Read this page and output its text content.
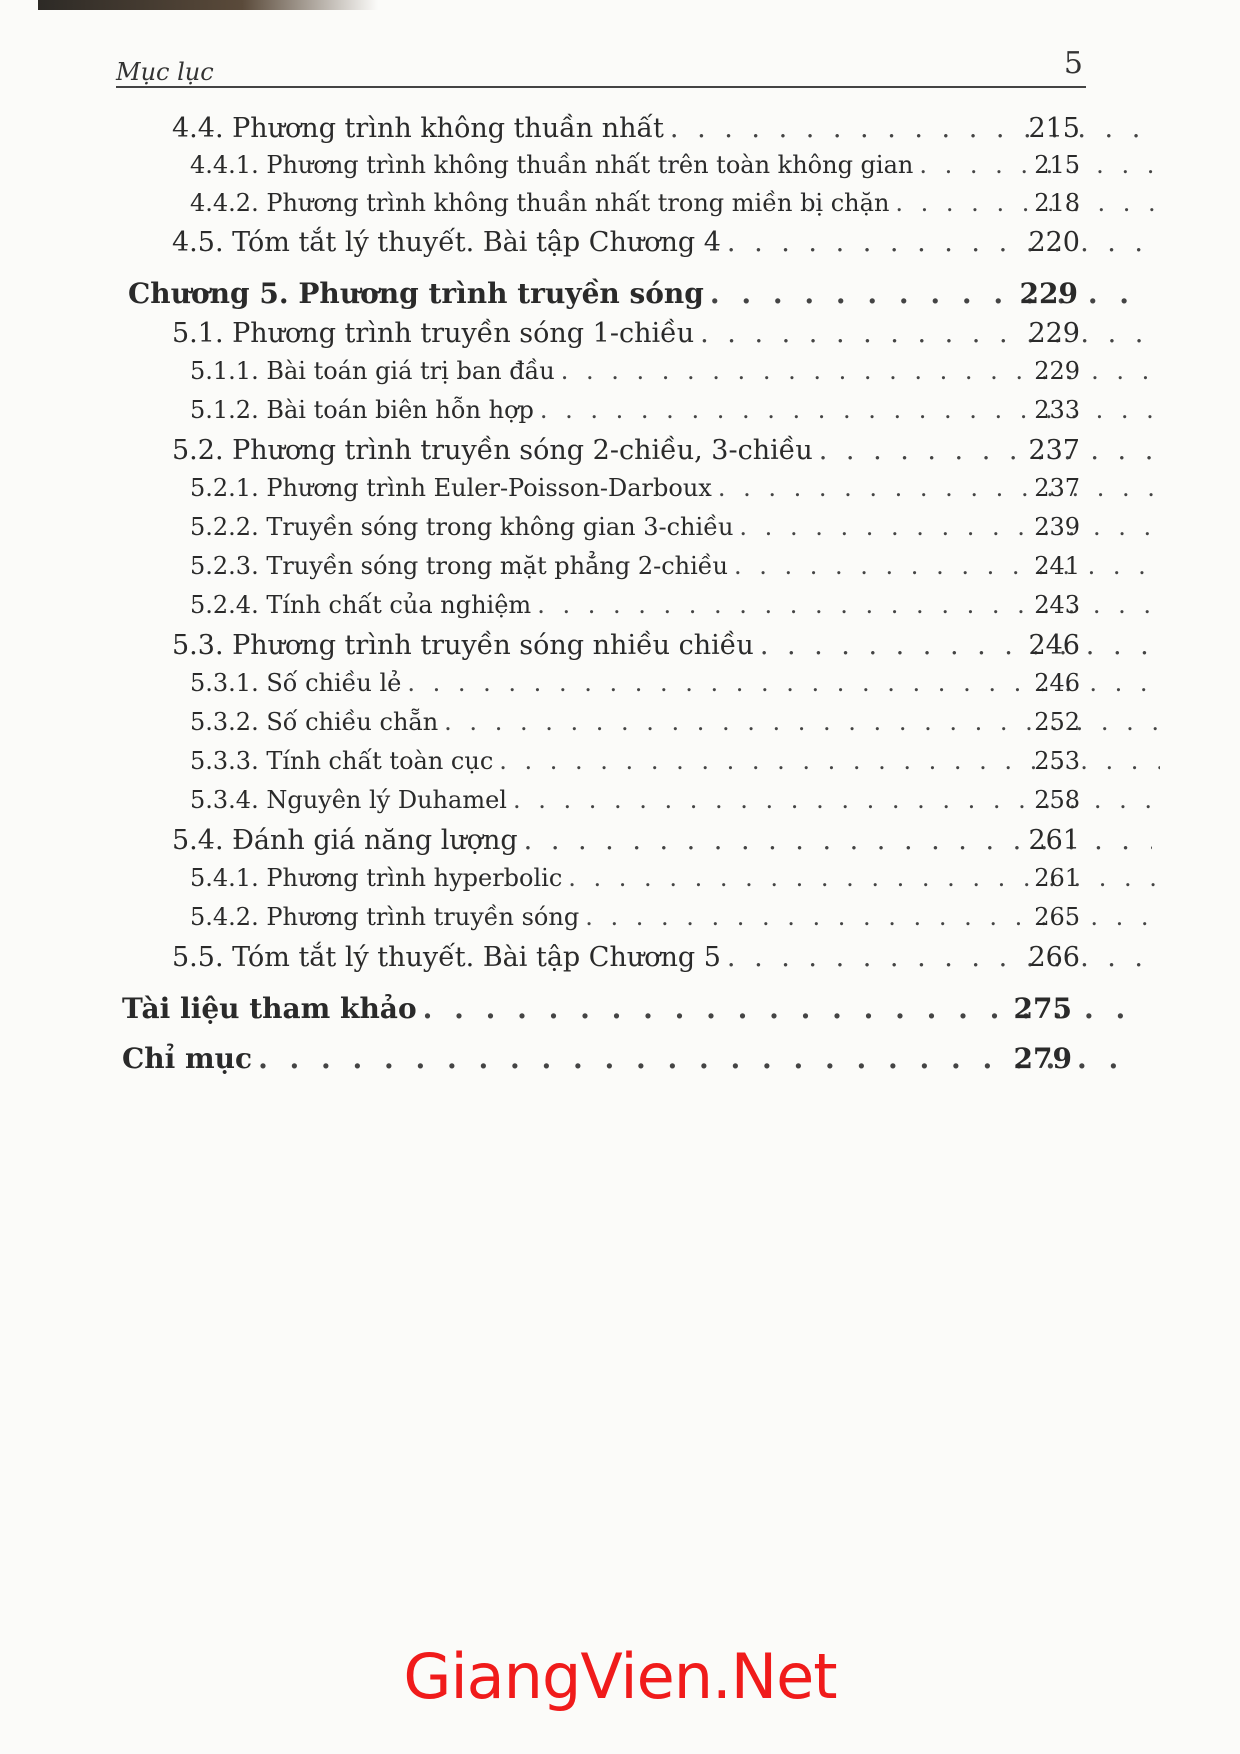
Mục lục	5
4.4. Phương trình không thuần nhất . . .	215
4.4.1. Phương trình không thuần nhất trên toàn không gian . . .	215
4.4.2. Phương trình không thuần nhất trong miền bị chặn . . .	218
4.5. Tóm tắt lý thuyết. Bài tập Chương 4 . . .	220
Chương 5. Phương trình truyền sóng . . .	229
5.1. Phương trình truyền sóng 1-chiều . . .	229
5.1.1. Bài toán giá trị ban đầu . . .	229
5.1.2. Bài toán biên hỗn hợp . . .	233
5.2. Phương trình truyền sóng 2-chiều, 3-chiều . . .	237
5.2.1. Phương trình Euler-Poisson-Darboux . . .	237
5.2.2. Truyền sóng trong không gian 3-chiều . . .	239
5.2.3. Truyền sóng trong mặt phẳng 2-chiều . . .	241
5.2.4. Tính chất của nghiệm . . .	243
5.3. Phương trình truyền sóng nhiều chiều . . .	246
5.3.1. Số chiều lẻ . . .	246
5.3.2. Số chiều chẵn . . .	252
5.3.3. Tính chất toàn cục . . .	253
5.3.4. Nguyên lý Duhamel . . .	258
5.4. Đánh giá năng lượng . . .	261
5.4.1. Phương trình hyperbolic . . .	261
5.4.2. Phương trình truyền sóng . . .	265
5.5. Tóm tắt lý thuyết. Bài tập Chương 5 . . .	266
Tài liệu tham khảo . . .	275
Chỉ mục . . .	279
GiangVien.Net
